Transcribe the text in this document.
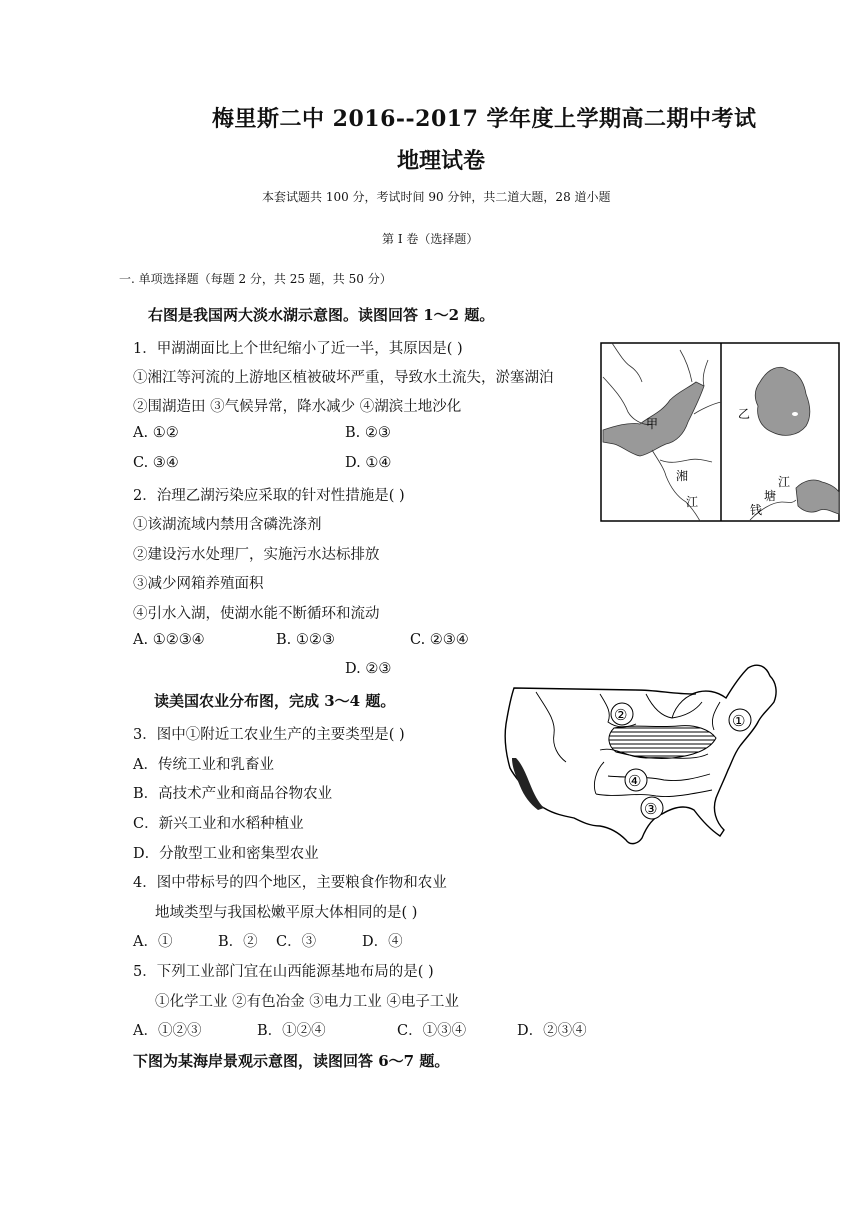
梅里斯二中 2016--2017 学年度上学期高二期中考试
地理试卷
本套试题共 100 分，考试时间 90 分钟，共二道大题，28 道小题
第 I 卷（选择题）
一. 单项选择题（每题 2 分，共 25 题，共 50 分）
右图是我国两大淡水湖示意图。读图回答 1～2 题。
1．甲湖湖面比上个世纪缩小了近一半，其原因是( )
①湘江等河流的上游地区植被破坏严重，导致水土流失，淤塞湖泊
②围湖造田 ③气候异常，降水减少 ④湖滨土地沙化
A. ①②	B. ②③
C. ③④	D. ①④
2．治理乙湖污染应采取的针对性措施是( )
①该湖流域内禁用含磷洗涤剂
②建设污水处理厂，实施污水达标排放
③减少网箱养殖面积
④引水入湖，使湖水能不断循环和流动
A. ①②③④	B. ①②③	C. ②③④
D. ②③
甲
湘
江
乙
江
塘
钱
读美国农业分布图，完成 3～4 题。
3．图中①附近工农业生产的主要类型是( )
A．传统工业和乳畜业
B．高技术产业和商品谷物农业
C．新兴工业和水稻种植业
D．分散型工业和密集型农业
4．图中带标号的四个地区，主要粮食作物和农业
地域类型与我国松嫩平原大体相同的是( )
A．①	B．② C．③	D．④
5．下列工业部门宜在山西能源基地布局的是( )
①化学工业 ②有色冶金 ③电力工业 ④电子工业
A．①②③	B．①②④	C．①③④	D．②③④
下图为某海岸景观示意图，读图回答 6～7 题。
①
②
③
④
